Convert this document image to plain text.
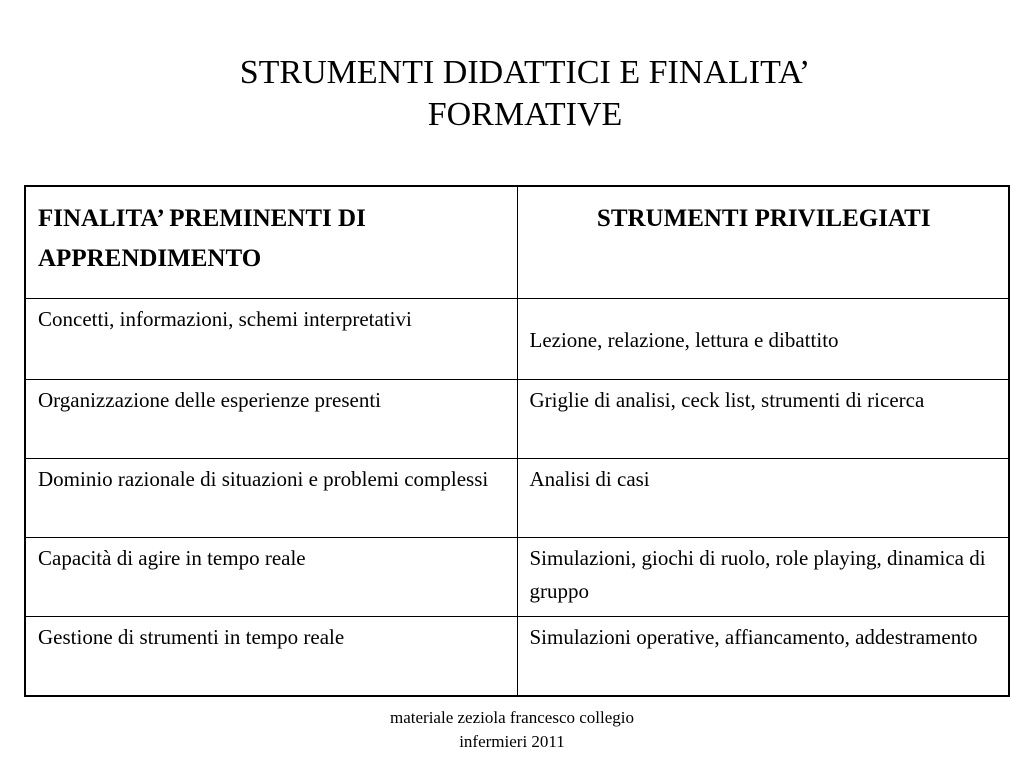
STRUMENTI DIDATTICI E FINALITA’
FORMATIVE
FINALITA’ PREMINENTI DI APPRENDIMENTO	STRUMENTI PRIVILEGIATI
Concetti, informazioni, schemi interpretativi	Lezione, relazione, lettura e dibattito
Organizzazione delle esperienze presenti	Griglie di analisi, ceck list, strumenti di ricerca
Dominio razionale di situazioni e problemi complessi	Analisi di casi
Capacità di agire in tempo reale	Simulazioni, giochi di ruolo, role playing, dinamica di gruppo
Gestione di strumenti in tempo reale	Simulazioni operative, affiancamento, addestramento
materiale zeziola francesco collegio
infermieri 2011
